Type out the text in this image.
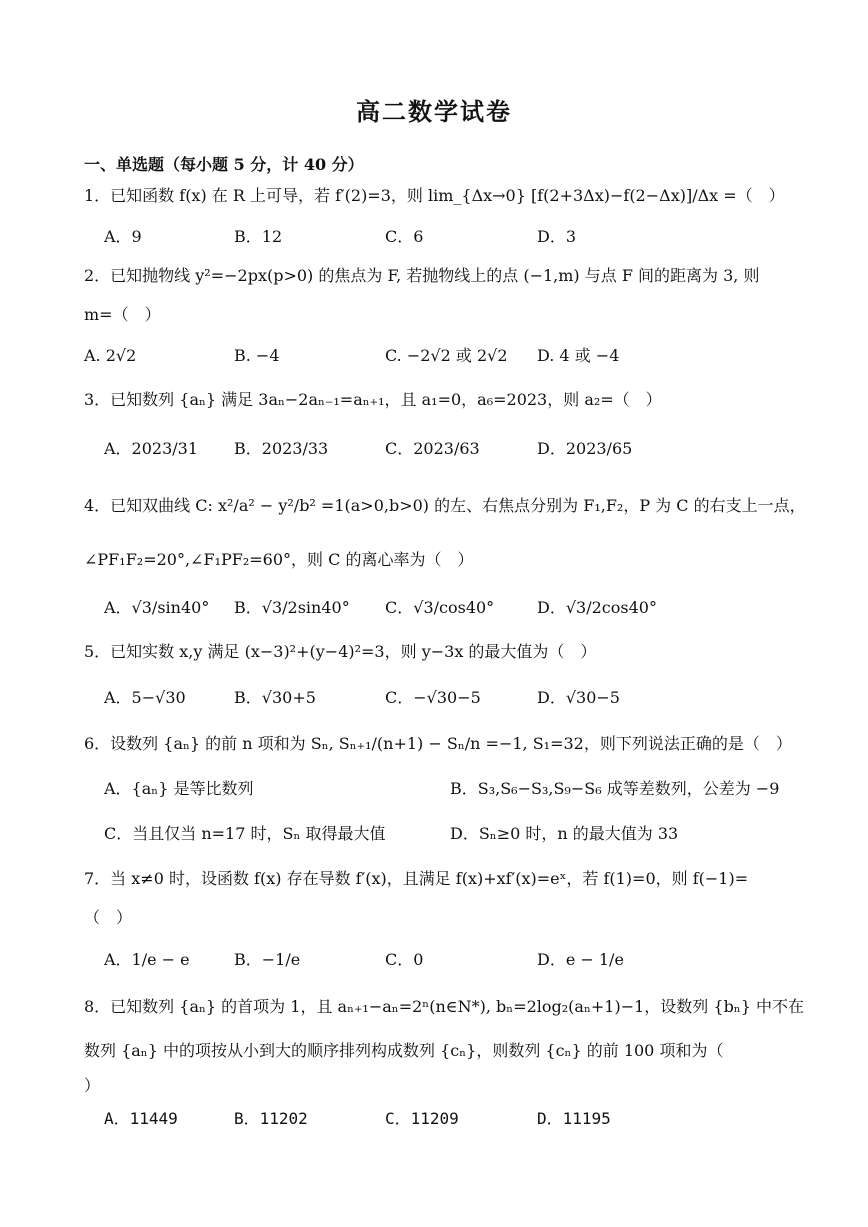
高二数学试卷
一、单选题（每小题 5 分，计 40 分）
1．已知函数 f(x) 在 R 上可导，若 f′(2)=3，则 lim_{Δx→0} [f(2+3Δx)−f(2−Δx)]/Δx =（　）
A．9	B．12	C．6	D．3
2．已知抛物线 y²=−2px(p>0) 的焦点为 F, 若抛物线上的点 (−1,m) 与点 F 间的距离为 3, 则
m=（　）
A. 2√2	B. −4	C. −2√2 或 2√2 D. 4 或 −4
3．已知数列 {aₙ} 满足 3aₙ−2aₙ₋₁=aₙ₊₁，且 a₁=0，a₆=2023，则 a₂=（　）
A．2023/31 B．2023/33	C．2023/63	D．2023/65
4．已知双曲线 C: x²/a² − y²/b² =1(a>0,b>0) 的左、右焦点分别为 F₁,F₂，P 为 C 的右支上一点，
∠PF₁F₂=20°,∠F₁PF₂=60°，则 C 的离心率为（　）
A．√3/sin40° B．√3/2sin40° C．√3/cos40°	D．√3/2cos40°
5．已知实数 x,y 满足 (x−3)²+(y−4)²=3，则 y−3x 的最大值为（　）
A．5−√30	B．√30+5	C．−√30−5	D．√30−5
6．设数列 {aₙ} 的前 n 项和为 Sₙ, Sₙ₊₁/(n+1) − Sₙ/n =−1, S₁=32，则下列说法正确的是（　）
A．{aₙ} 是等比数列	B．S₃,S₆−S₃,S₉−S₆ 成等差数列，公差为 −9
C．当且仅当 n=17 时，Sₙ 取得最大值	D．Sₙ≥0 时，n 的最大值为 33
7．当 x≠0 时，设函数 f(x) 存在导数 f′(x)，且满足 f(x)+xf′(x)=eˣ，若 f(1)=0，则 f(−1)=
（　）
A．1/e − e	B．−1/e	C．0	D．e − 1/e
8．已知数列 {aₙ} 的首项为 1，且 aₙ₊₁−aₙ=2ⁿ(n∈N*), bₙ=2log₂(aₙ+1)−1，设数列 {bₙ} 中不在
数列 {aₙ} 中的项按从小到大的顺序排列构成数列 {cₙ}，则数列 {cₙ} 的前 100 项和为（
）
A．11449	B．11202	C．11209	D．11195
